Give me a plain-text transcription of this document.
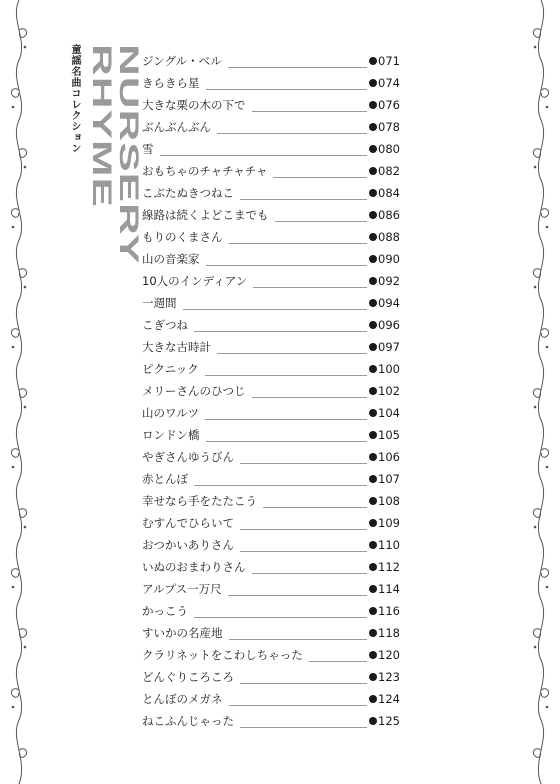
童謡名曲コレクション NURSERY RHYME	ジングル・ベル	071
きらきら星	074
大きな栗の木の下で	076
ぶんぶんぶん	078
雪	080
おもちゃのチャチャチャ	082
こぶたぬきつねこ	084
線路は続くよどこまでも	086
もりのくまさん	088
山の音楽家	090
10人のインディアン	092
一週間	094
こぎつね	096
大きな古時計	097
ピクニック	100
メリーさんのひつじ	102
山のワルツ	104
ロンドン橋	105
やぎさんゆうびん	106
赤とんぼ	107
幸せなら手をたたこう	108
むすんでひらいて	109
おつかいありさん	110
いぬのおまわりさん	112
アルプス一万尺	114
かっこう	116
すいかの名産地	118
クラリネットをこわしちゃった	120
どんぐりころころ	123
とんぼのメガネ	124
ねこふんじゃった	125
